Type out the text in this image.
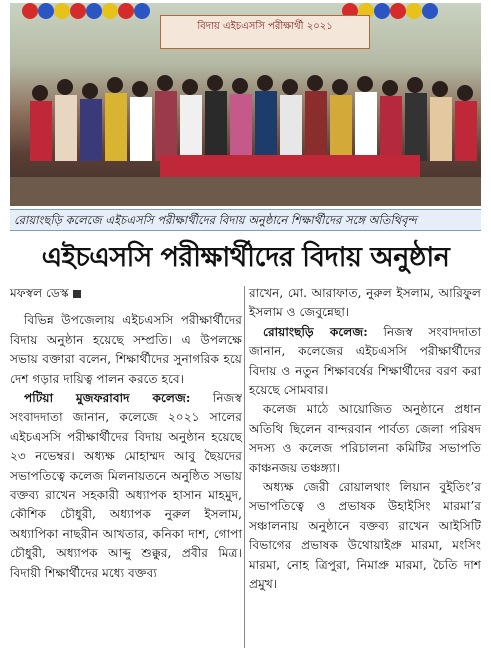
বিদায় এইচএসসি পরীক্ষার্থী ২০২১
রোয়াংছড়ি কলেজে এইচএসসি পরীক্ষার্থীদের বিদায় অনুষ্ঠানে শিক্ষার্থীদের সঙ্গে অতিথিবৃন্দ
এইচএসসি পরীক্ষার্থীদের বিদায় অনুষ্ঠান
মফস্বল ডেস্ক

বিভিন্ন উপজেলায় এইচএসসি পরীক্ষার্থীদের বিদায় অনুষ্ঠান হয়েছে সম্প্রতি। এ উপলক্ষে সভায় বক্তারা বলেন, শিক্ষার্থীদের সুনাগরিক হয়ে দেশ গড়ার দায়িত্ব পালন করতে হবে।

পটিয়া মুজফরাবাদ কলেজ: নিজস্ব সংবাদদাতা জানান, কলেজে ২০২১ সালের এইচএসসি পরীক্ষার্থীদের বিদায় অনুষ্ঠান হয়েছে ২৩ নভেম্বর। অধ্যক্ষ মোহাম্মদ আবু ছৈয়দের সভাপতিত্বে কলেজ মিলনায়তনে অনুষ্ঠিত সভায় বক্তব্য রাখেন সহকারী অধ্যাপক হাসান মাহমুদ, কৌশিক চৌধুরী, অধ্যাপক নুরুল ইসলাম, অধ্যাপিকা নাছরীন আখতার, কনিকা দাশ, গোপা চৌধুরী, অধ্যাপক আব্দু শুক্কুর, প্রবীর মিত্র। বিদায়ী শিক্ষার্থীদের মধ্যে বক্তব্য

রাখেন, মো. আরাফাত, নুরুল ইসলাম, আরিফুল ইসলাম ও জেবুন্নেছা।

রোয়াংছড়ি কলেজ: নিজস্ব সংবাদদাতা জানান, কলেজের এইচএসসি পরীক্ষার্থীদের বিদায় ও নতুন শিক্ষাবর্ষের শিক্ষার্থীদের বরণ করা হয়েছে সোমবার।

কলেজ মাঠে আয়োজিত অনুষ্ঠানে প্রধান অতিথি ছিলেন বান্দরবান পার্বত্য জেলা পরিষদ সদস্য ও কলেজ পরিচালনা কমিটির সভাপতি কাঞ্চনজয় তঞ্চঙ্গ্যা।

অধ্যক্ষ জেরী রোয়ালথাং লিয়ান বুইতিং’র সভাপতিত্বে ও প্রভাষক উহাইসিং মারমা’র সঞ্চালনায় অনুষ্ঠানে বক্তব্য রাখেন আইসিটি বিভাগের প্রভাষক উথোয়াইপ্রু মারমা, মংসিং মারমা, নোহ ত্রিপুরা, নিমাপ্রু মারমা, চৈতি দাশ প্রমুখ।
